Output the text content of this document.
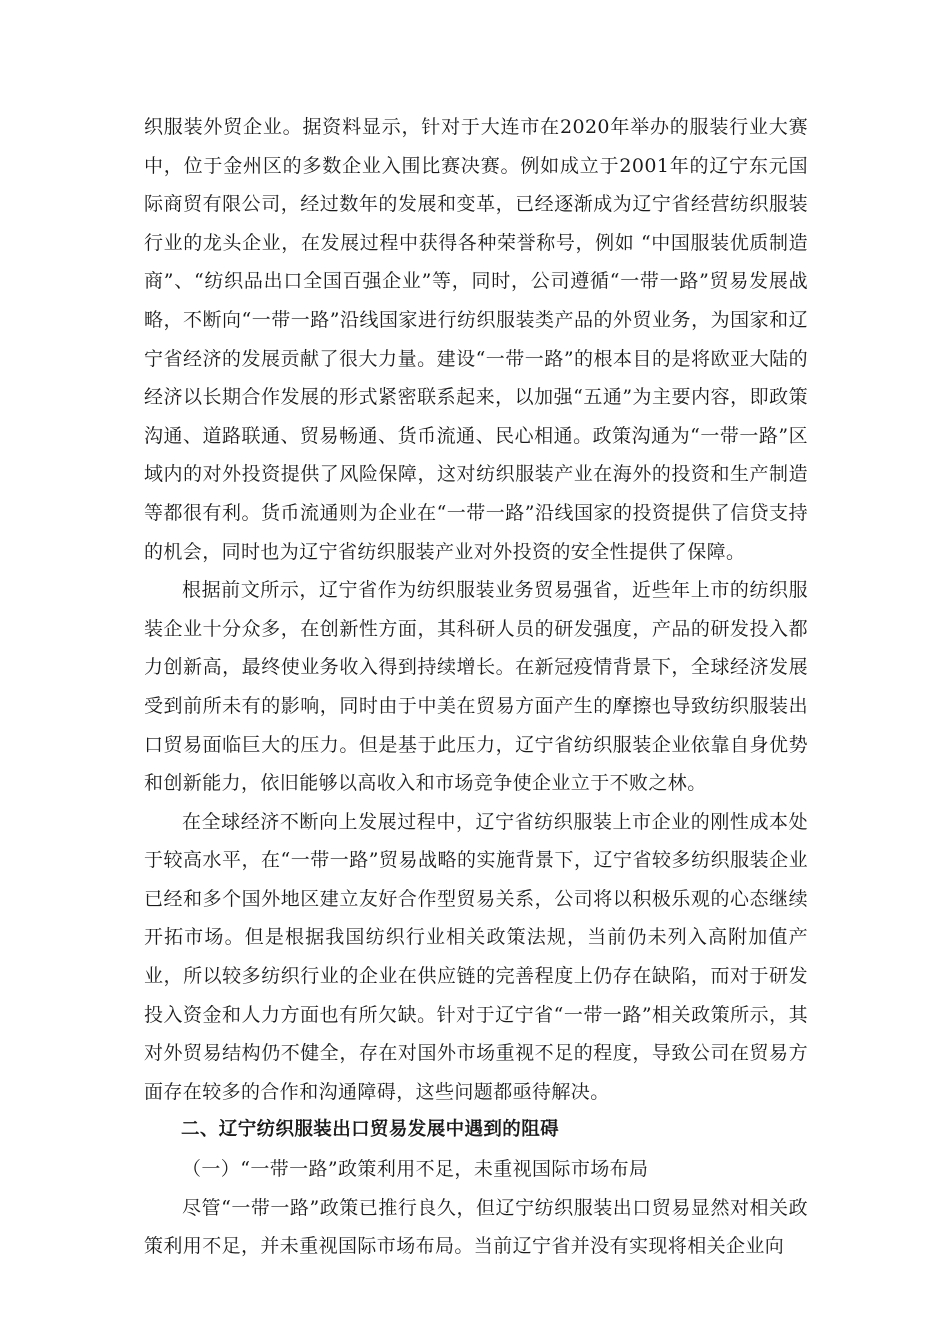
织服装外贸企业。据资料显示，针对于大连市在2020年举办的服装行业大赛中，位于金州区的多数企业入围比赛决赛。例如成立于2001年的辽宁东元国际商贸有限公司，经过数年的发展和变革，已经逐渐成为辽宁省经营纺织服装行业的龙头企业，在发展过程中获得各种荣誉称号，例如 “中国服装优质制造商”、“纺织品出口全国百强企业”等，同时，公司遵循“一带一路”贸易发展战略，不断向“一带一路”沿线国家进行纺织服装类产品的外贸业务，为国家和辽宁省经济的发展贡献了很大力量。建设“一带一路”的根本目的是将欧亚大陆的经济以长期合作发展的形式紧密联系起来，以加强“五通”为主要内容，即政策沟通、道路联通、贸易畅通、货币流通、民心相通。政策沟通为“一带一路”区域内的对外投资提供了风险保障，这对纺织服装产业在海外的投资和生产制造等都很有利。货币流通则为企业在“一带一路”沿线国家的投资提供了信贷支持的机会，同时也为辽宁省纺织服装产业对外投资的安全性提供了保障。

根据前文所示，辽宁省作为纺织服装业务贸易强省，近些年上市的纺织服装企业十分众多，在创新性方面，其科研人员的研发强度，产品的研发投入都力创新高，最终使业务收入得到持续增长。在新冠疫情背景下，全球经济发展受到前所未有的影响，同时由于中美在贸易方面产生的摩擦也导致纺织服装出口贸易面临巨大的压力。但是基于此压力，辽宁省纺织服装企业依靠自身优势和创新能力，依旧能够以高收入和市场竞争使企业立于不败之林。

在全球经济不断向上发展过程中，辽宁省纺织服装上市企业的刚性成本处于较高水平，在“一带一路”贸易战略的实施背景下，辽宁省较多纺织服装企业已经和多个国外地区建立友好合作型贸易关系，公司将以积极乐观的心态继续开拓市场。但是根据我国纺织行业相关政策法规，当前仍未列入高附加值产业，所以较多纺织行业的企业在供应链的完善程度上仍存在缺陷，而对于研发投入资金和人力方面也有所欠缺。针对于辽宁省“一带一路”相关政策所示，其对外贸易结构仍不健全，存在对国外市场重视不足的程度，导致公司在贸易方面存在较多的合作和沟通障碍，这些问题都亟待解决。

二、辽宁纺织服装出口贸易发展中遇到的阻碍

（一）“一带一路”政策利用不足，未重视国际市场布局

尽管“一带一路”政策已推行良久，但辽宁纺织服装出口贸易显然对相关政策利用不足，并未重视国际市场布局。当前辽宁省并没有实现将相关企业向
